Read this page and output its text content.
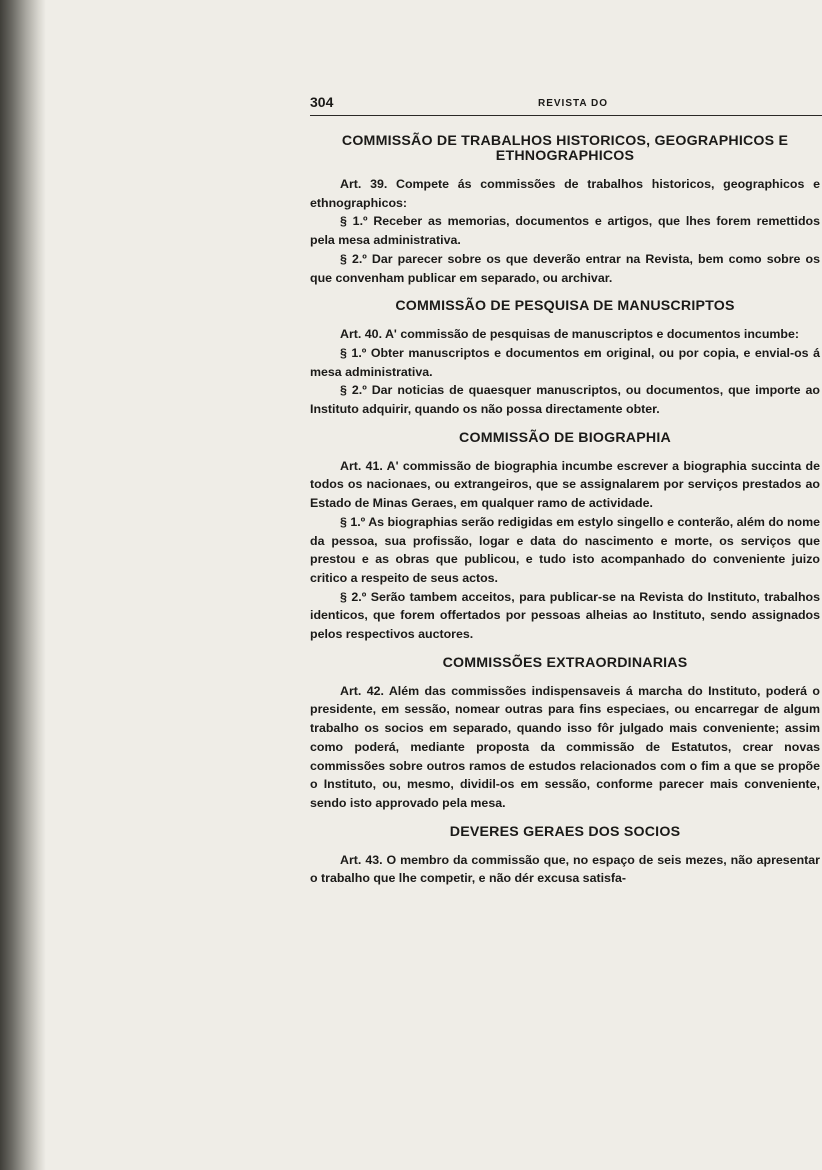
304	REVISTA DO
COMMISSÃO DE TRABALHOS HISTORICOS, GEOGRAPHICOS E ETHNOGRAPHICOS

Art. 39. Compete ás commissões de trabalhos historicos, geographicos e ethnographicos:

§ 1.º Receber as memorias, documentos e artigos, que lhes forem remettidos pela mesa administrativa.

§ 2.º Dar parecer sobre os que deverão entrar na Revista, bem como sobre os que convenham publicar em separado, ou archivar.

COMMISSÃO DE PESQUISA DE MANUSCRIPTOS

Art. 40. A' commissão de pesquisas de manuscriptos e documentos incumbe:

§ 1.º Obter manuscriptos e documentos em original, ou por copia, e envial-os á mesa administrativa.

§ 2.º Dar noticias de quaesquer manuscriptos, ou documentos, que importe ao Instituto adquirir, quando os não possa directamente obter.

COMMISSÃO DE BIOGRAPHIA

Art. 41. A' commissão de biographia incumbe escrever a biographia succinta de todos os nacionaes, ou extrangeiros, que se assignalarem por serviços prestados ao Estado de Minas Geraes, em qualquer ramo de actividade.

§ 1.º As biographias serão redigidas em estylo singello e conterão, além do nome da pessoa, sua profissão, logar e data do nascimento e morte, os serviços que prestou e as obras que publicou, e tudo isto acompanhado do conveniente juizo critico a respeito de seus actos.

§ 2.º Serão tambem acceitos, para publicar-se na Revista do Instituto, trabalhos identicos, que forem offertados por pessoas alheias ao Instituto, sendo assignados pelos respectivos auctores.

COMMISSÕES EXTRAORDINARIAS

Art. 42. Além das commissões indispensaveis á marcha do Instituto, poderá o presidente, em sessão, nomear outras para fins especiaes, ou encarregar de algum trabalho os socios em separado, quando isso fôr julgado mais conveniente; assim como poderá, mediante proposta da commissão de Estatutos, crear novas commissões sobre outros ramos de estudos relacionados com o fim a que se propõe o Instituto, ou, mesmo, dividil-os em sessão, conforme parecer mais conveniente, sendo isto approvado pela mesa.

DEVERES GERAES DOS SOCIOS

Art. 43. O membro da commissão que, no espaço de seis mezes, não apresentar o trabalho que lhe competir, e não dér excusa satisfa-
